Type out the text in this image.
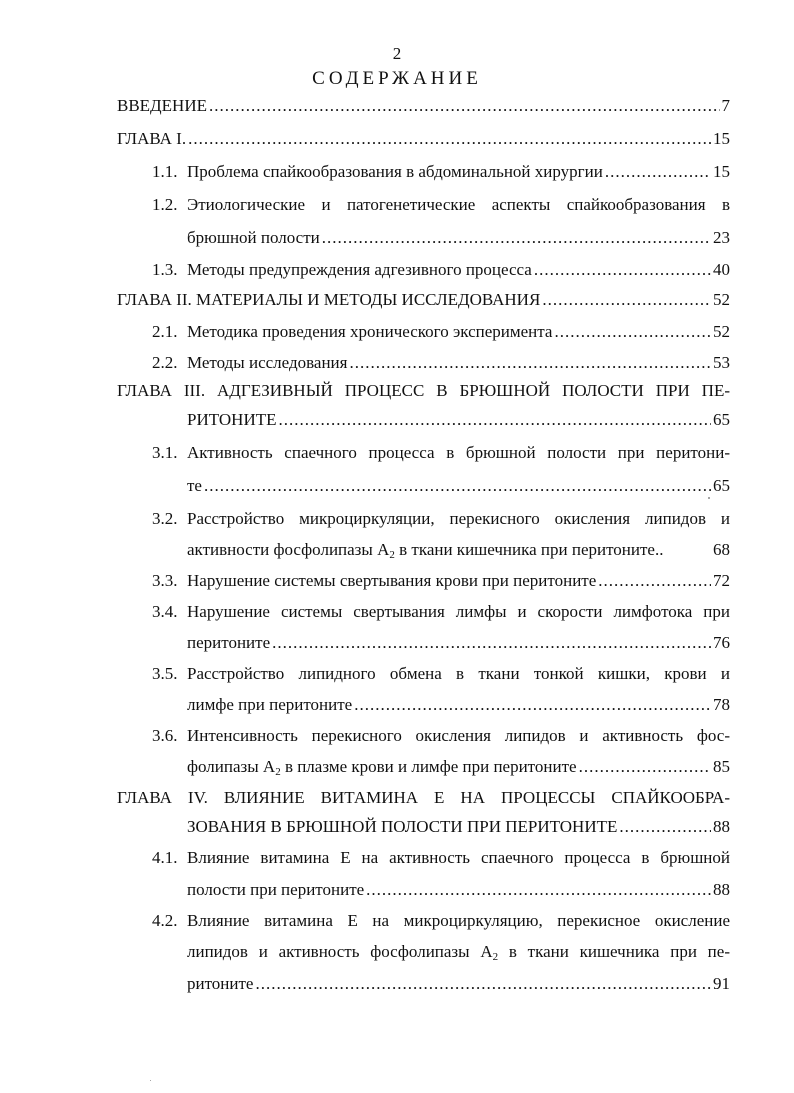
2
СОДЕРЖАНИЕ
ВВЕДЕНИЕ .....	7
ГЛАВА I. .....	15
1.1. Проблема спайкообразования в абдоминальной хирургии .....	15
1.2. Этиологические и патогенетические аспекты спайкообразования в
брюшной полости .....	23
1.3. Методы предупреждения адгезивного процесса .....	40
ГЛАВА II. МАТЕРИАЛЫ И МЕТОДЫ ИССЛЕДОВАНИЯ .....	52
2.1. Методика проведения хронического эксперимента .....	52
2.2. Методы исследования .....	53
ГЛАВА III. АДГЕЗИВНЫЙ ПРОЦЕСС В БРЮШНОЙ ПОЛОСТИ ПРИ ПЕ-
РИТОНИТЕ .....	65
3.1. Активность спаечного процесса в брюшной полости при перитони-
те .....	65
3.2. Расстройство микроциркуляции, перекисного окисления липидов и
активности фосфолипазы $А_2$ в ткани кишечника при перитоните..	68
3.3. Нарушение системы свертывания крови при перитоните .....	72
3.4. Нарушение системы свертывания лимфы и скорости лимфотока при
перитоните .....	76
3.5. Расстройство липидного обмена в ткани тонкой кишки, крови и
лимфе при перитоните .....	78
3.6. Интенсивность перекисного окисления липидов и активность фос-
фолипазы $А_2$ в плазме крови и лимфе при перитоните .....	85
ГЛАВА IV. ВЛИЯНИЕ ВИТАМИНА Е НА ПРОЦЕССЫ СПАЙКООБРА-
ЗОВАНИЯ В БРЮШНОЙ ПОЛОСТИ ПРИ ПЕРИТОНИТЕ .....	88
4.1. Влияние витамина Е на активность спаечного процесса в брюшной
полости при перитоните .....	88
4.2. Влияние витамина Е на микроциркуляцию, перекисное окисление
липидов и активность фосфолипазы $А_2$ в ткани кишечника при пе-
ритоните .....	91
